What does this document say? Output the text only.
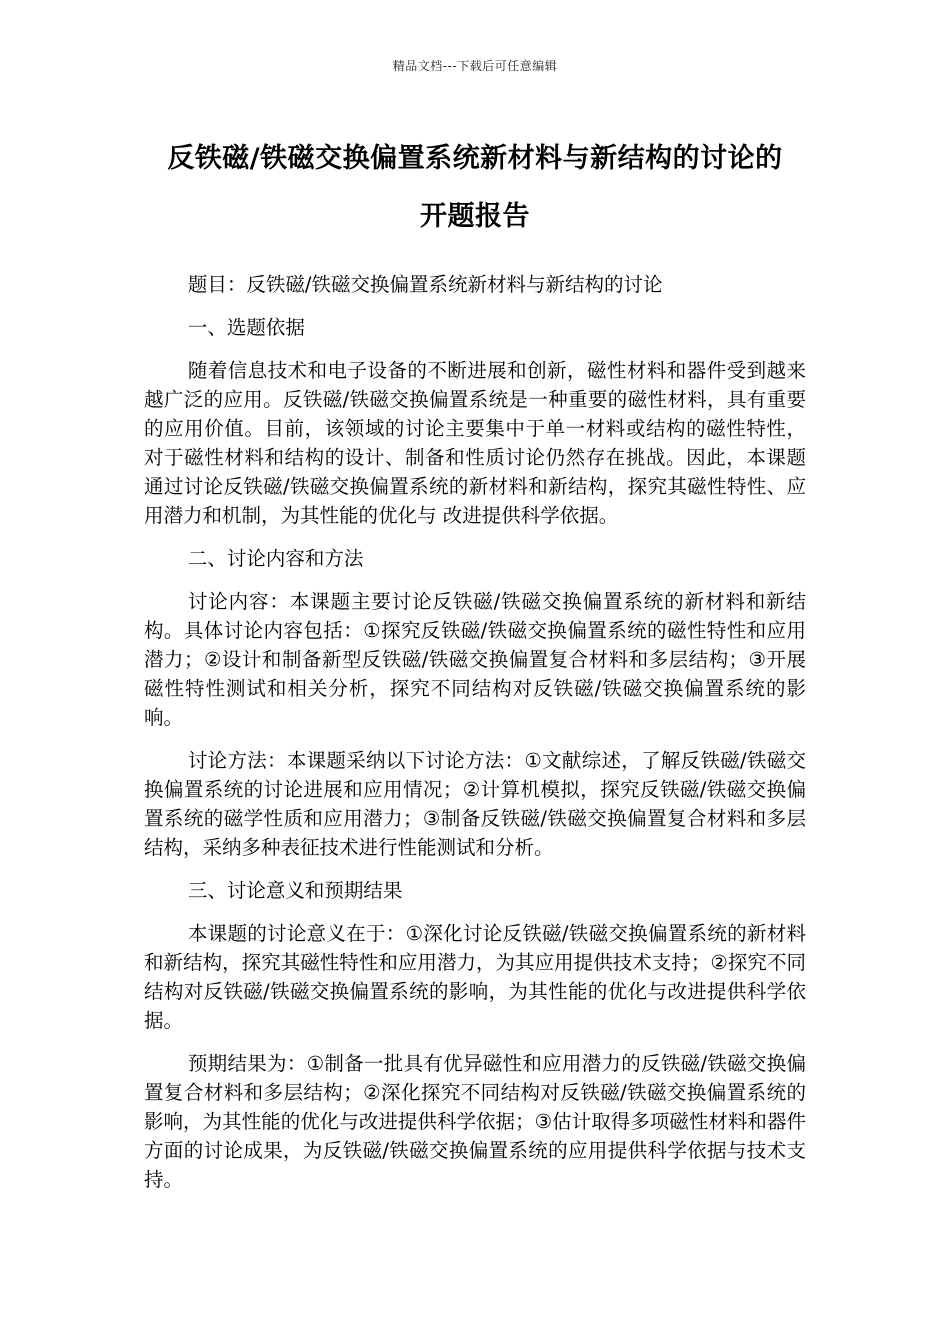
精品文档---下载后可任意编辑
反铁磁/铁磁交换偏置系统新材料与新结构的讨论的
开题报告

题目：反铁磁/铁磁交换偏置系统新材料与新结构的讨论

一、选题依据

随着信息技术和电子设备的不断进展和创新，磁性材料和器件受到越来越广泛的应用。反铁磁/铁磁交换偏置系统是一种重要的磁性材料，具有重要的应用价值。目前，该领域的讨论主要集中于单一材料或结构的磁性特性，对于磁性材料和结构的设计、制备和性质讨论仍然存在挑战。因此，本课题通过讨论反铁磁/铁磁交换偏置系统的新材料和新结构，探究其磁性特性、应用潜力和机制，为其性能的优化与 改进提供科学依据。

二、讨论内容和方法

讨论内容：本课题主要讨论反铁磁/铁磁交换偏置系统的新材料和新结构。具体讨论内容包括：①探究反铁磁/铁磁交换偏置系统的磁性特性和应用潜力；②设计和制备新型反铁磁/铁磁交换偏置复合材料和多层结构；③开展磁性特性测试和相关分析，探究不同结构对反铁磁/铁磁交换偏置系统的影响。

讨论方法：本课题采纳以下讨论方法：①文献综述，了解反铁磁/铁磁交换偏置系统的讨论进展和应用情况；②计算机模拟，探究反铁磁/铁磁交换偏置系统的磁学性质和应用潜力；③制备反铁磁/铁磁交换偏置复合材料和多层结构，采纳多种表征技术进行性能测试和分析。

三、讨论意义和预期结果

本课题的讨论意义在于：①深化讨论反铁磁/铁磁交换偏置系统的新材料和新结构，探究其磁性特性和应用潜力，为其应用提供技术支持；②探究不同结构对反铁磁/铁磁交换偏置系统的影响，为其性能的优化与改进提供科学依据。

预期结果为：①制备一批具有优异磁性和应用潜力的反铁磁/铁磁交换偏置复合材料和多层结构；②深化探究不同结构对反铁磁/铁磁交换偏置系统的影响，为其性能的优化与改进提供科学依据；③估计取得多项磁性材料和器件方面的讨论成果，为反铁磁/铁磁交换偏置系统的应用提供科学依据与技术支持。
